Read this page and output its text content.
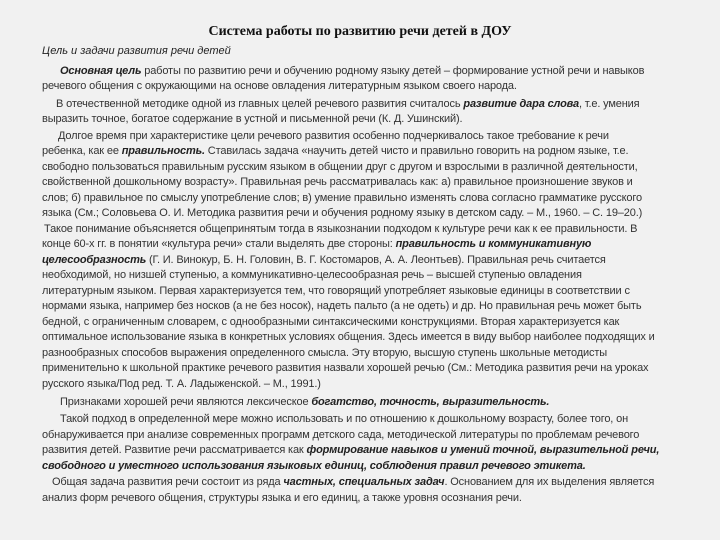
Система работы по развитию речи детей в ДОУ
Цель и задачи развития речи детей
Основная цель работы по развитию речи и обучению родному языку детей – формирование устной речи и навыков
речевого общения с окружающими на основе овладения литературным языком своего народа.
В отечественной методике одной из главных целей речевого развития считалось развитие дара слова, т.е. умения
выразить точное, богатое содержание в устной и письменной речи (К. Д. Ушинский).
Долгое время при характеристике цели речевого развития особенно подчеркивалось такое требование к речи
ребенка, как ее правильность. Ставилась задача «научить детей чисто и правильно говорить на родном языке, т.е.
свободно пользоваться правильным русским языком в общении друг с другом и взрослыми в различной деятельности,
свойственной дошкольному возрасту». Правильная речь рассматривалась как: а) правильное произношение звуков и
слов; б) правильное по смыслу употребление слов; в) умение правильно изменять слова согласно грамматике русского
языка (См.; Соловьева О. И. Методика развития речи и обучения родному языку в детском саду. – М., 1960. – С. 19–20.)
Такое понимание объясняется общепринятым тогда в языкознании подходом к культуре речи как к ее правильности. В
конце 60-х гг. в понятии «культура речи» стали выделять две стороны: правильность и коммуникативную
целесообразность (Г. И. Винокур, Б. Н. Головин, В. Г. Костомаров, А. А. Леонтьев). Правильная речь считается
необходимой, но низшей ступенью, а коммуникативно-целесообразная речь – высшей ступенью овладения
литературным языком. Первая характеризуется тем, что говорящий употребляет языковые единицы в соответствии с
нормами языка, например без носков (а не без носок), надеть пальто (а не одеть) и др. Но правильная речь может быть
бедной, с ограниченным словарем, с однообразными синтаксическими конструкциями. Вторая характеризуется как
оптимальное использование языка в конкретных условиях общения. Здесь имеется в виду выбор наиболее подходящих и
разнообразных способов выражения определенного смысла. Эту вторую, высшую ступень школьные методисты
применительно к школьной практике речевого развития назвали хорошей речью (См.: Методика развития речи на уроках
русского языка/Под ред. Т. А. Ладыженской. – М., 1991.)
Признаками хорошей речи являются лексическое богатство, точность, выразительность.
Такой подход в определенной мере можно использовать и по отношению к дошкольному возрасту, более того, он
обнаруживается при анализе современных программ детского сада, методической литературы по проблемам речевого
развития детей. Развитие речи рассматривается как формирование навыков и умений точной, выразительной речи,
свободного и уместного использования языковых единиц, соблюдения правил речевого этикета.
Общая задача развития речи состоит из ряда частных, специальных задач. Основанием для их выделения является
анализ форм речевого общения, структуры языка и его единиц, а также уровня осознания речи.
